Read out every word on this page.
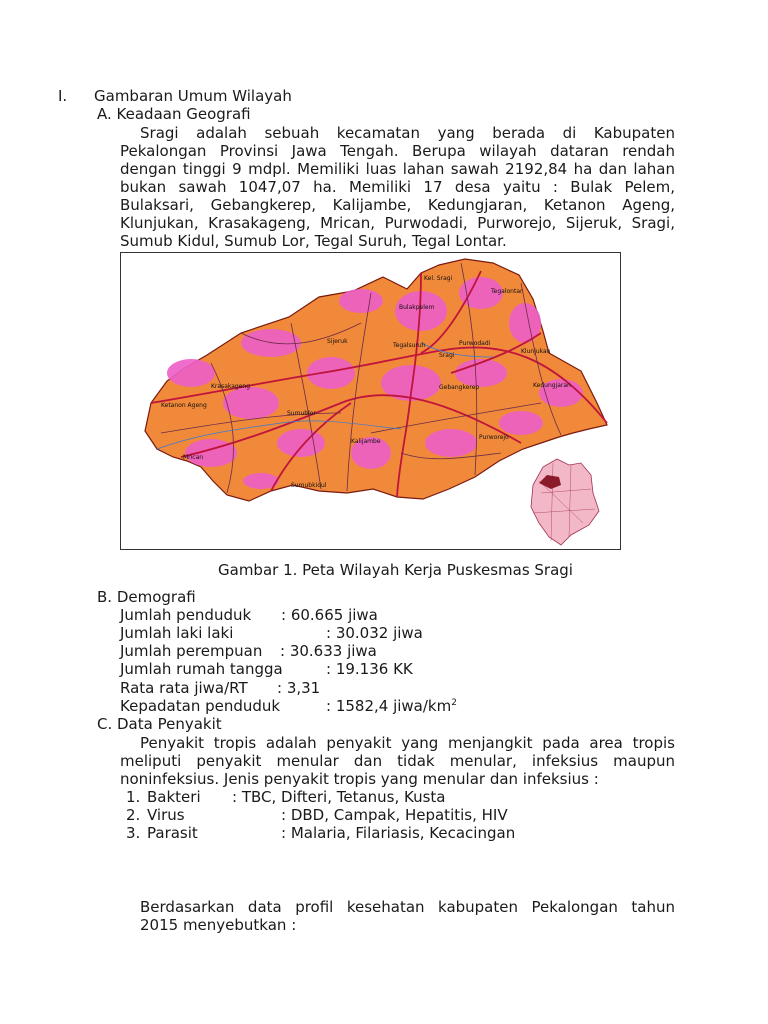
I. Gambaran Umum Wilayah
A. Keadaan Geografi
Sragi adalah sebuah kecamatan yang berada di Kabupaten
Pekalongan Provinsi Jawa Tengah. Berupa wilayah dataran rendah
dengan tinggi 9 mdpl. Memiliki luas lahan sawah 2192,84 ha dan lahan
bukan sawah 1047,07 ha. Memiliki 17 desa yaitu : Bulak Pelem,
Bulaksari, Gebangkerep, Kalijambe, Kedungjaran, Ketanon Ageng,
Klunjukan, Krasakageng, Mrican, Purwodadi, Purworejo, Sijeruk, Sragi,
Sumub Kidul, Sumub Lor, Tegal Suruh, Tegal Lontar.
Kel. Sragi
Tegalontar
Sragi
Bulakpelem
Sijeruk
Tegalsuruh	Purwodadi
Klunjukan
Krasakageng	Gebangkerep
Ketanon Ageng
Kedungjaran
Sumublor
Kalijambe
Purworejo
Mrican
Sumubkidul
Gambar 1. Peta Wilayah Kerja Puskesmas Sragi
B. Demografi
Jumlah penduduk : 60.665 jiwa
Jumlah laki laki	: 30.032 jiwa
Jumlah perempuan : 30.633 jiwa
Jumlah rumah tangga	: 19.136 KK
Rata rata jiwa/RT : 3,31
Kepadatan penduduk	: 1582,4 jiwa/$km^2$
C. Data Penyakit
Penyakit tropis adalah penyakit yang menjangkit pada area tropis
meliputi penyakit menular dan tidak menular, infeksius maupun
noninfeksius. Jenis penyakit tropis yang menular dan infeksius :
1. Bakteri : TBC, Difteri, Tetanus, Kusta
2. Virus	: DBD, Campak, Hepatitis, HIV
3. Parasit	: Malaria, Filariasis, Kecacingan
Berdasarkan data profil kesehatan kabupaten Pekalongan tahun
2015 menyebutkan :
